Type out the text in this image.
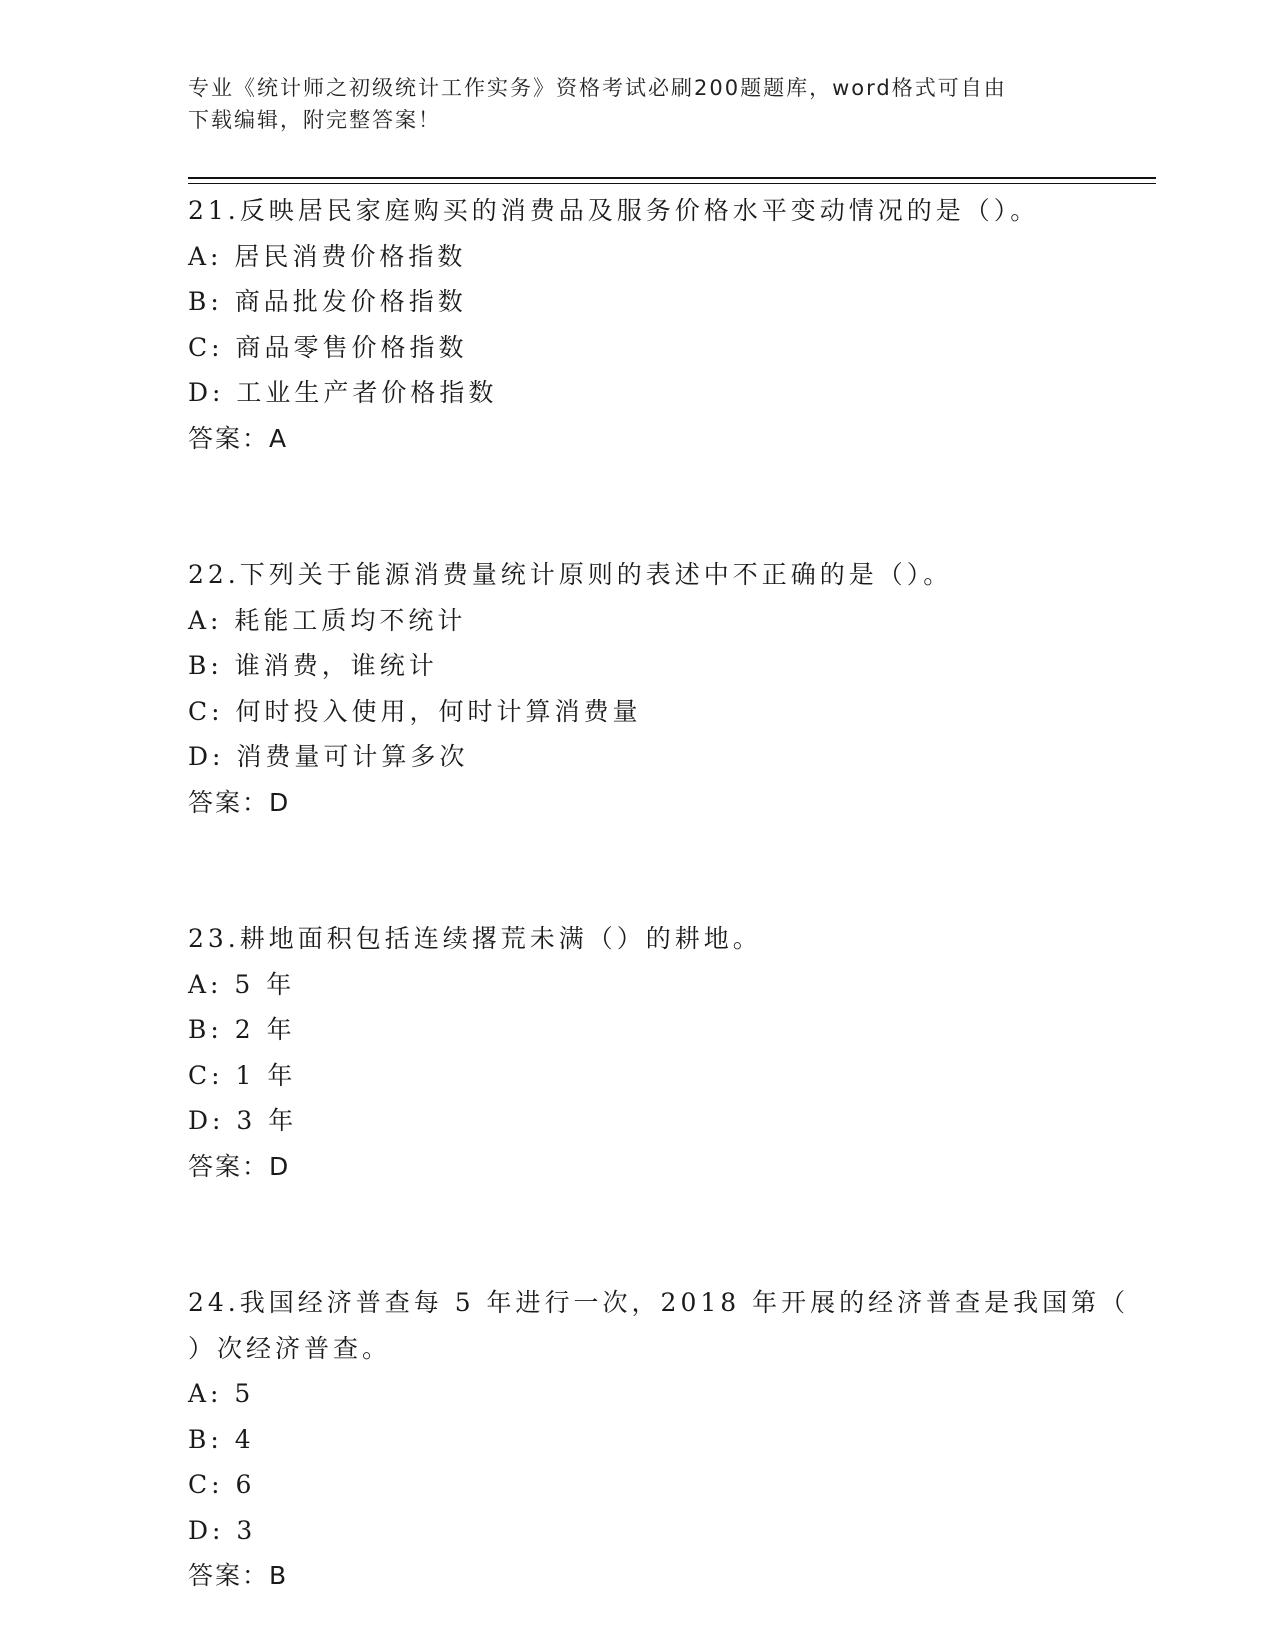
专业《统计师之初级统计工作实务》资格考试必刷200题题库，word格式可自由
下载编辑，附完整答案！
21.反映居民家庭购买的消费品及服务价格水平变动情况的是（）。
A: 居民消费价格指数
B: 商品批发价格指数
C: 商品零售价格指数
D: 工业生产者价格指数
答案：A
22.下列关于能源消费量统计原则的表述中不正确的是（）。
A: 耗能工质均不统计
B: 谁消费，谁统计
C: 何时投入使用，何时计算消费量
D: 消费量可计算多次
答案：D
23.耕地面积包括连续撂荒未满（）的耕地。
A: 5 年
B: 2 年
C: 1 年
D: 3 年
答案：D
24.我国经济普查每 5 年进行一次，2018 年开展的经济普查是我国第（
）次经济普查。
A: 5
B: 4
C: 6
D: 3
答案：B
